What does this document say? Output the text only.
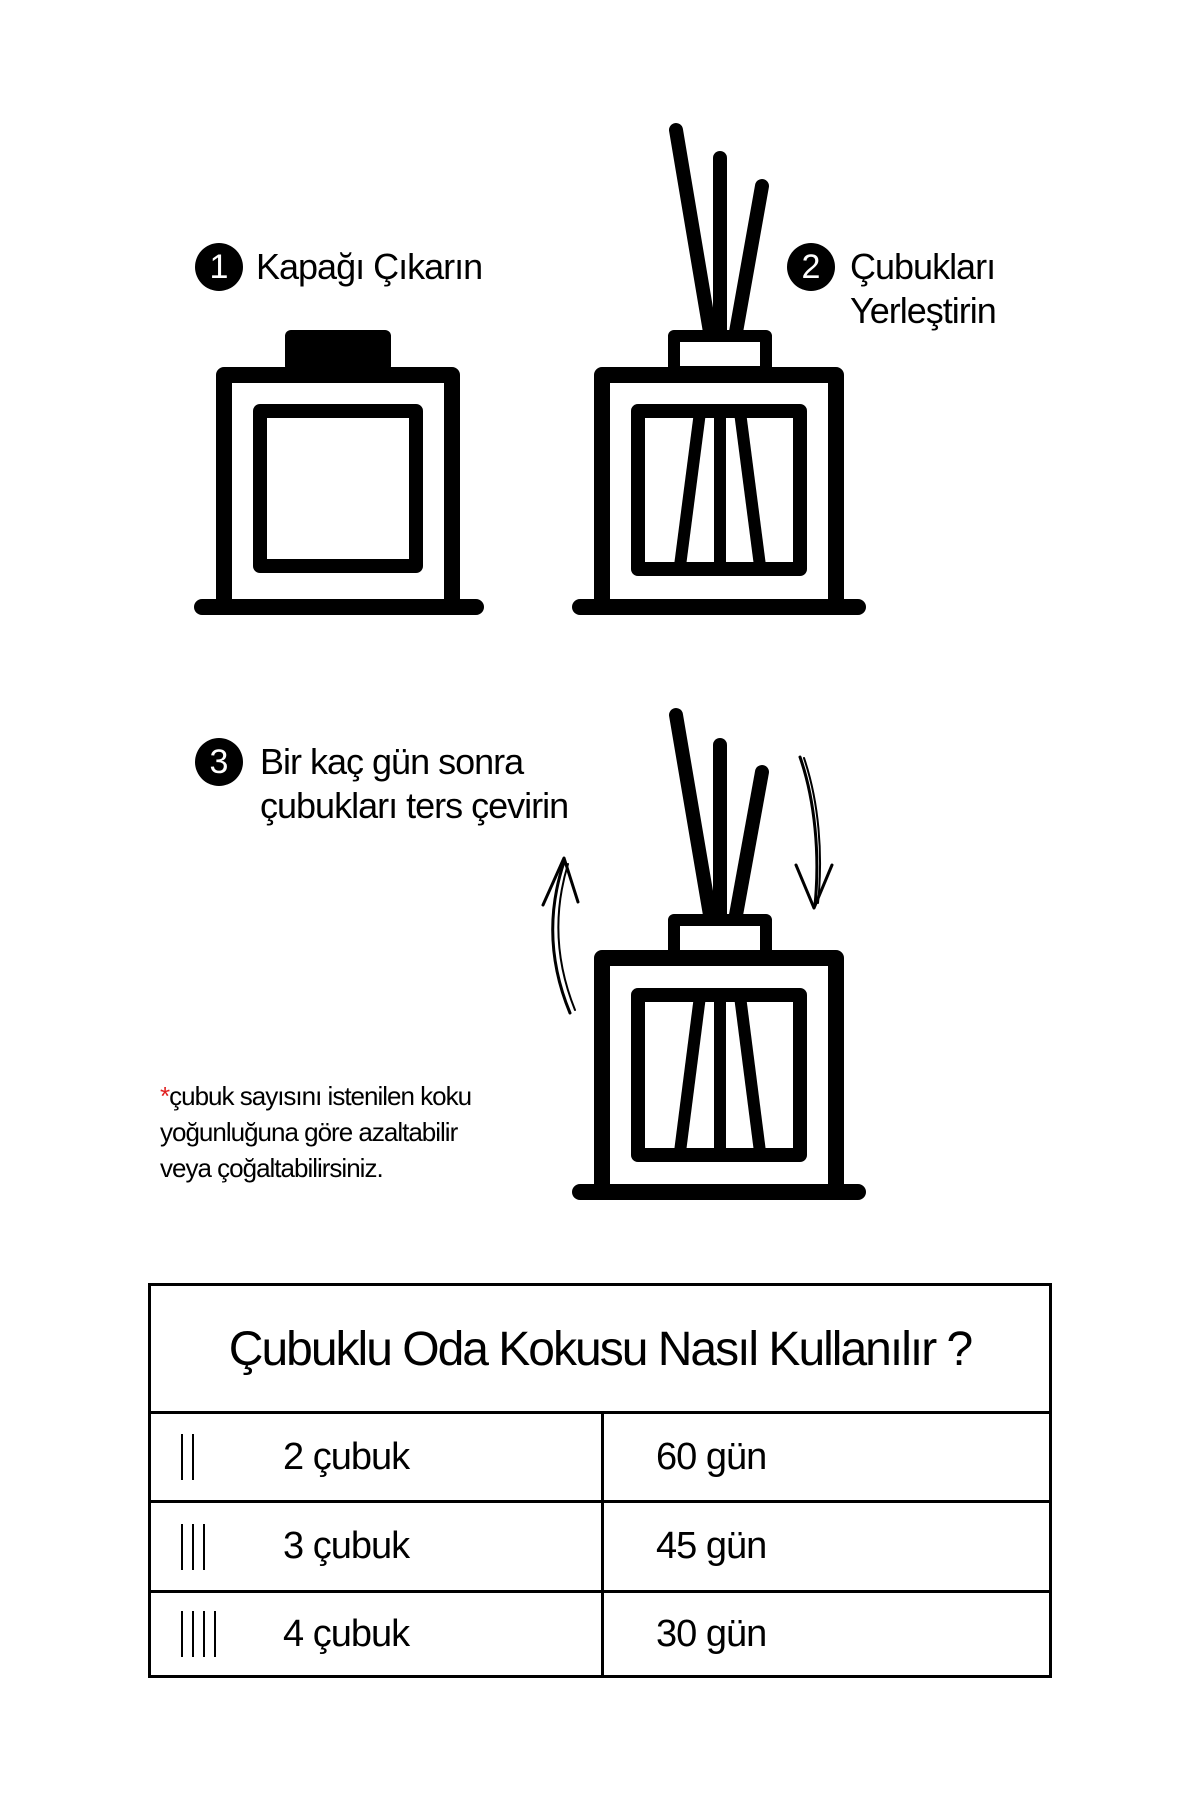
1 Kapağı Çıkarın	2 Çubukları
Yerleştirin
3 Bir kaç gün sonra
çubukları ters çevirin
*çubuk sayısını istenilen koku
yoğunluğuna göre azaltabilir
veya çoğaltabilirsiniz.
Çubuklu Oda Kokusu Nasıl Kullanılır ?
2 çubuk	60 gün
3 çubuk	45 gün
4 çubuk	30 gün
